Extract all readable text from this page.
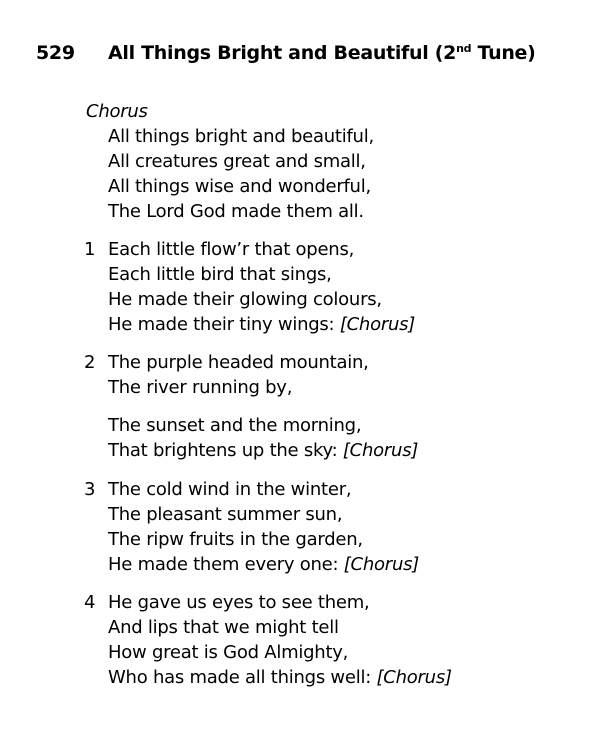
529 All Things Bright and Beautiful (2nd Tune)
Chorus
All things bright and beautiful,
All creatures great and small,
All things wise and wonderful,
The Lord God made them all.
1 Each little flow’r that opens,
Each little bird that sings,
He made their glowing colours,
He made their tiny wings: [Chorus]
2 The purple headed mountain,
The river running by,
The sunset and the morning,
That brightens up the sky: [Chorus]
3 The cold wind in the winter,
The pleasant summer sun,
The ripw fruits in the garden,
He made them every one: [Chorus]
4 He gave us eyes to see them,
And lips that we might tell
How great is God Almighty,
Who has made all things well: [Chorus]
